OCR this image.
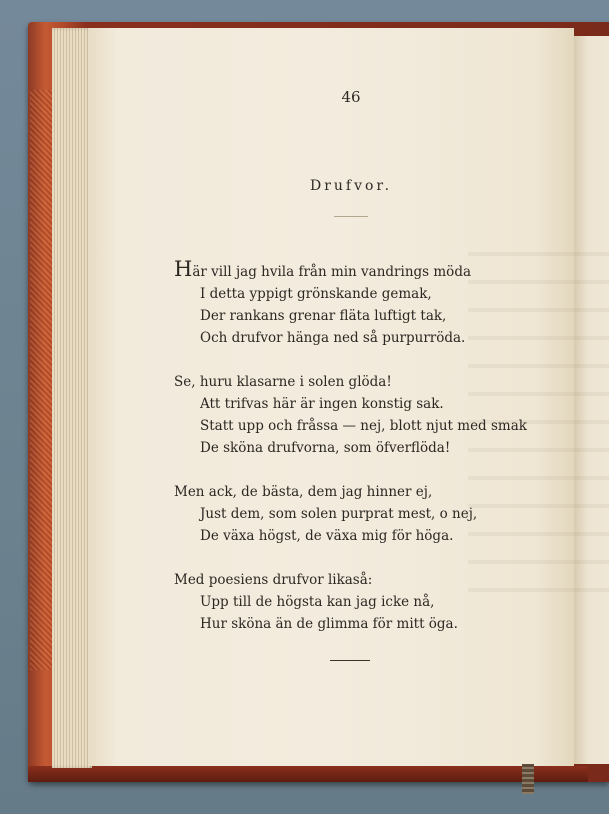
46
Drufvor.
Här vill jag hvila från min vandrings möda
I detta yppigt grönskande gemak,
Der rankans grenar fläta luftigt tak,
Och drufvor hänga ned så purpurröda.
Se, huru klasarne i solen glöda!
Att trifvas här är ingen konstig sak.
Statt upp och fråssa — nej, blott njut med smak
De sköna drufvorna, som öfverflöda!
Men ack, de bästa, dem jag hinner ej,
Just dem, som solen purprat mest, o nej,
De växa högst, de växa mig för höga.
Med poesiens drufvor likaså:
Upp till de högsta kan jag icke nå,
Hur sköna än de glimma för mitt öga.
